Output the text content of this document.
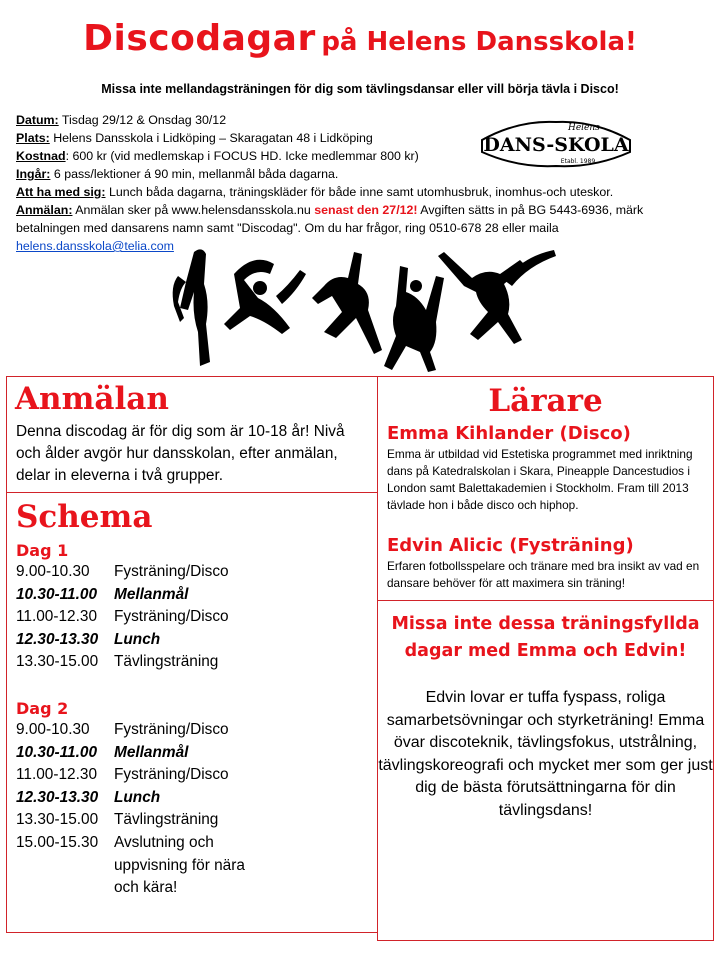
Discodagar på Helens Dansskola!
Missa inte mellandagsträningen för dig som tävlingsdansar eller vill börja tävla i Disco!
Datum: Tisdag 29/12 & Onsdag 30/12
Plats: Helens Dansskola i Lidköping – Skaragatan 48 i Lidköping
Kostnad: 600 kr (vid medlemskap i FOCUS HD. Icke medlemmar 800 kr)
Ingår: 6 pass/lektioner á 90 min, mellanmål båda dagarna.
Att ha med sig: Lunch båda dagarna, träningskläder för både inne samt utomhusbruk, inomhus-och uteskor.
Anmälan: Anmälan sker på www.helensdansskola.nu senast den 27/12! Avgiften sätts in på BG 5443-6936, märk betalningen med dansarens namn samt "Discodag". Om du har frågor, ring 0510-678 28 eller maila
helens.dansskola@telia.com
Helens
DANS-SKOLA
Etabl. 1989
Anmälan
Denna discodag är för dig som är 10-18 år! Nivå och ålder avgör hur dansskolan, efter anmälan, delar in eleverna i två grupper.
Schema
Dag 1
9.00-10.30	Fysträning/Disco
10.30-11.00	Mellanmål
11.00-12.30	Fysträning/Disco
12.30-13.30	Lunch
13.30-15.00	Tävlingsträning
Dag 2
9.00-10.30	Fysträning/Disco
10.30-11.00	Mellanmål
11.00-12.30	Fysträning/Disco
12.30-13.30	Lunch
13.30-15.00	Tävlingsträning
15.00-15.30	Avslutning och
uppvisning för nära
och kära!
Lärare
Emma Kihlander (Disco)
Emma är utbildad vid Estetiska programmet med inriktning dans på Katedralskolan i Skara, Pineapple Dancestudios i London samt Balettakademien i Stockholm. Fram till 2013 tävlade hon i både disco och hiphop.
Edvin Alicic (Fysträning)
Erfaren fotbollsspelare och tränare med bra insikt av vad en dansare behöver för att maximera sin träning!
Missa inte dessa träningsfyllda dagar med Emma och Edvin!
Edvin lovar er tuffa fyspass, roliga samarbetsövningar och styrketräning! Emma övar discoteknik, tävlingsfokus, utstrålning, tävlingskoreografi och mycket mer som ger just dig de bästa förutsättningarna för din tävlingsdans!
